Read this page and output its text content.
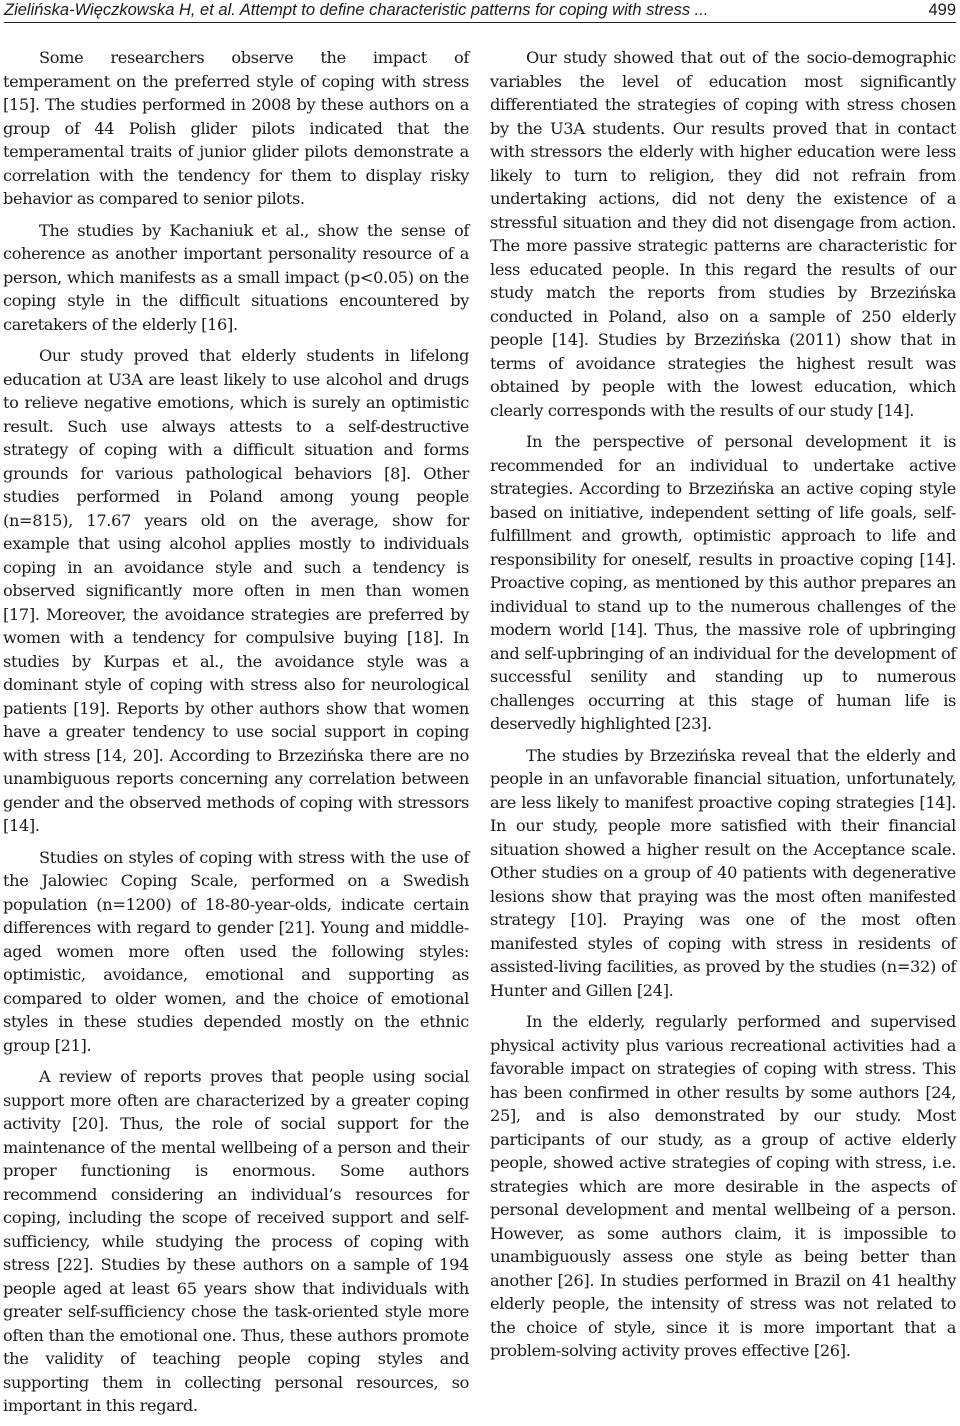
Zielińska-Więczkowska H, et al. Attempt to define characteristic patterns for coping with stress ...	499

Some researchers observe the impact of temperament on the preferred style of coping with stress [15]. The studies performed in 2008 by these authors on a group of 44 Polish glider pilots indicated that the temperamental traits of junior glider pilots demonstrate a correlation with the tendency for them to display risky behavior as compared to senior pilots.

The studies by Kachaniuk et al., show the sense of coherence as another important personality resource of a person, which manifests as a small impact (p<0.05) on the coping style in the difficult situations encountered by caretakers of the elderly [16].

Our study proved that elderly students in lifelong education at U3A are least likely to use alcohol and drugs to relieve negative emotions, which is surely an optimistic result. Such use always attests to a self-destructive strategy of coping with a difficult situation and forms grounds for various pathological behaviors [8]. Other studies performed in Poland among young people (n=815), 17.67 years old on the average, show for example that using alcohol applies mostly to individuals coping in an avoidance style and such a tendency is observed significantly more often in men than women [17]. Moreover, the avoidance strategies are preferred by women with a tendency for compulsive buying [18]. In studies by Kurpas et al., the avoidance style was a dominant style of coping with stress also for neurological patients [19]. Reports by other authors show that women have a greater tendency to use social support in coping with stress [14, 20]. According to Brzezińska there are no unambiguous reports concerning any correlation between gender and the observed methods of coping with stressors [14].

Studies on styles of coping with stress with the use of the Jalowiec Coping Scale, performed on a Swedish population (n=1200) of 18-80-year-olds, indicate certain differences with regard to gender [21]. Young and middle-aged women more often used the following styles: optimistic, avoidance, emotional and supporting as compared to older women, and the choice of emotional styles in these studies depended mostly on the ethnic group [21].

A review of reports proves that people using social support more often are characterized by a greater coping activity [20]. Thus, the role of social support for the maintenance of the mental wellbeing of a person and their proper functioning is enormous. Some authors recommend considering an individual’s resources for coping, including the scope of received support and self-sufficiency, while studying the process of coping with stress [22]. Studies by these authors on a sample of 194 people aged at least 65 years show that individuals with greater self-sufficiency chose the task-oriented style more often than the emotional one. Thus, these authors promote the validity of teaching people coping styles and supporting them in collecting personal resources, so important in this regard.

Our study showed that out of the socio-demographic variables the level of education most significantly differentiated the strategies of coping with stress chosen by the U3A students. Our results proved that in contact with stressors the elderly with higher education were less likely to turn to religion, they did not refrain from undertaking actions, did not deny the existence of a stressful situation and they did not disengage from action. The more passive strategic patterns are characteristic for less educated people. In this regard the results of our study match the reports from studies by Brzezińska conducted in Poland, also on a sample of 250 elderly people [14]. Studies by Brzezińska (2011) show that in terms of avoidance strategies the highest result was obtained by people with the lowest education, which clearly corresponds with the results of our study [14].

In the perspective of personal development it is recommended for an individual to undertake active strategies. According to Brzezińska an active coping style based on initiative, independent setting of life goals, self-fulfillment and growth, optimistic approach to life and responsibility for oneself, results in proactive coping [14]. Proactive coping, as mentioned by this author prepares an individual to stand up to the numerous challenges of the modern world [14]. Thus, the massive role of upbringing and self-upbringing of an individual for the development of successful senility and standing up to numerous challenges occurring at this stage of human life is deservedly highlighted [23].

The studies by Brzezińska reveal that the elderly and people in an unfavorable financial situation, unfortunately, are less likely to manifest proactive coping strategies [14]. In our study, people more satisfied with their financial situation showed a higher result on the Acceptance scale. Other studies on a group of 40 patients with degenerative lesions show that praying was the most often manifested strategy [10]. Praying was one of the most often manifested styles of coping with stress in residents of assisted-living facilities, as proved by the studies (n=32) of Hunter and Gillen [24].

In the elderly, regularly performed and supervised physical activity plus various recreational activities had a favorable impact on strategies of coping with stress. This has been confirmed in other results by some authors [24, 25], and is also demonstrated by our study. Most participants of our study, as a group of active elderly people, showed active strategies of coping with stress, i.e. strategies which are more desirable in the aspects of personal development and mental wellbeing of a person. However, as some authors claim, it is impossible to unambiguously assess one style as being better than another [26]. In studies performed in Brazil on 41 healthy elderly people, the intensity of stress was not related to the choice of style, since it is more important that a problem-solving activity proves effective [26].
